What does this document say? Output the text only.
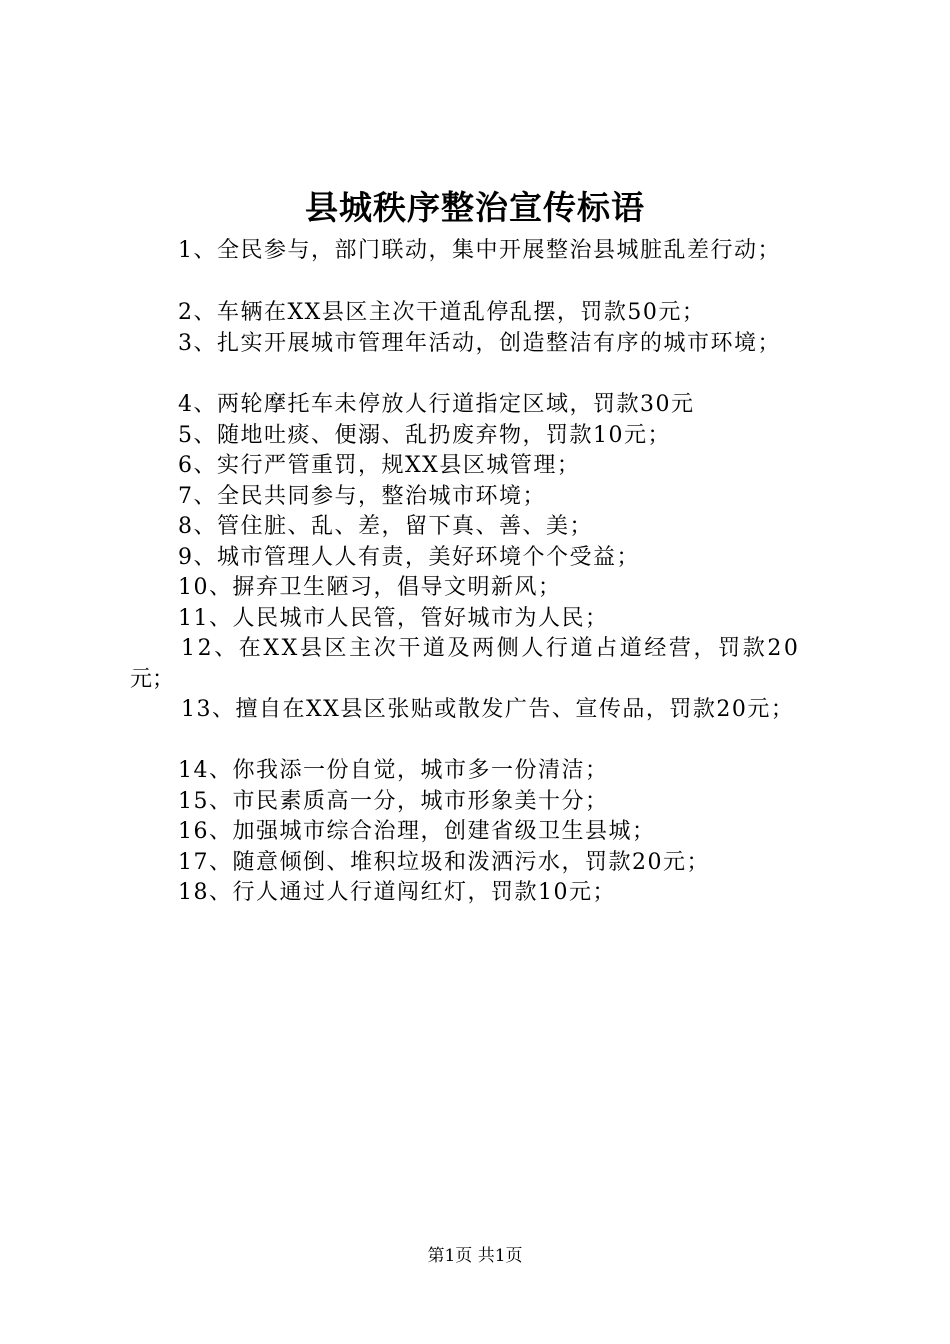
县城秩序整治宣传标语
1、全民参与，部门联动，集中开展整治县城脏乱差行动；
2、车辆在XX县区主次干道乱停乱摆，罚款50元；
3、扎实开展城市管理年活动，创造整洁有序的城市环境；
4、两轮摩托车未停放人行道指定区域，罚款30元
5、随地吐痰、便溺、乱扔废弃物，罚款10元；
6、实行严管重罚，规XX县区城管理；
7、全民共同参与，整治城市环境；
8、管住脏、乱、差，留下真、善、美；
9、城市管理人人有责，美好环境个个受益；
10、摒弃卫生陋习，倡导文明新风；
11、人民城市人民管，管好城市为人民；
12、在XX县区主次干道及两侧人行道占道经营，罚款20
元；
13、擅自在XX县区张贴或散发广告、宣传品，罚款20元；
14、你我添一份自觉，城市多一份清洁；
15、市民素质高一分，城市形象美十分；
16、加强城市综合治理，创建省级卫生县城；
17、随意倾倒、堆积垃圾和泼洒污水，罚款20元；
18、行人通过人行道闯红灯，罚款10元；
第1页 共1页
